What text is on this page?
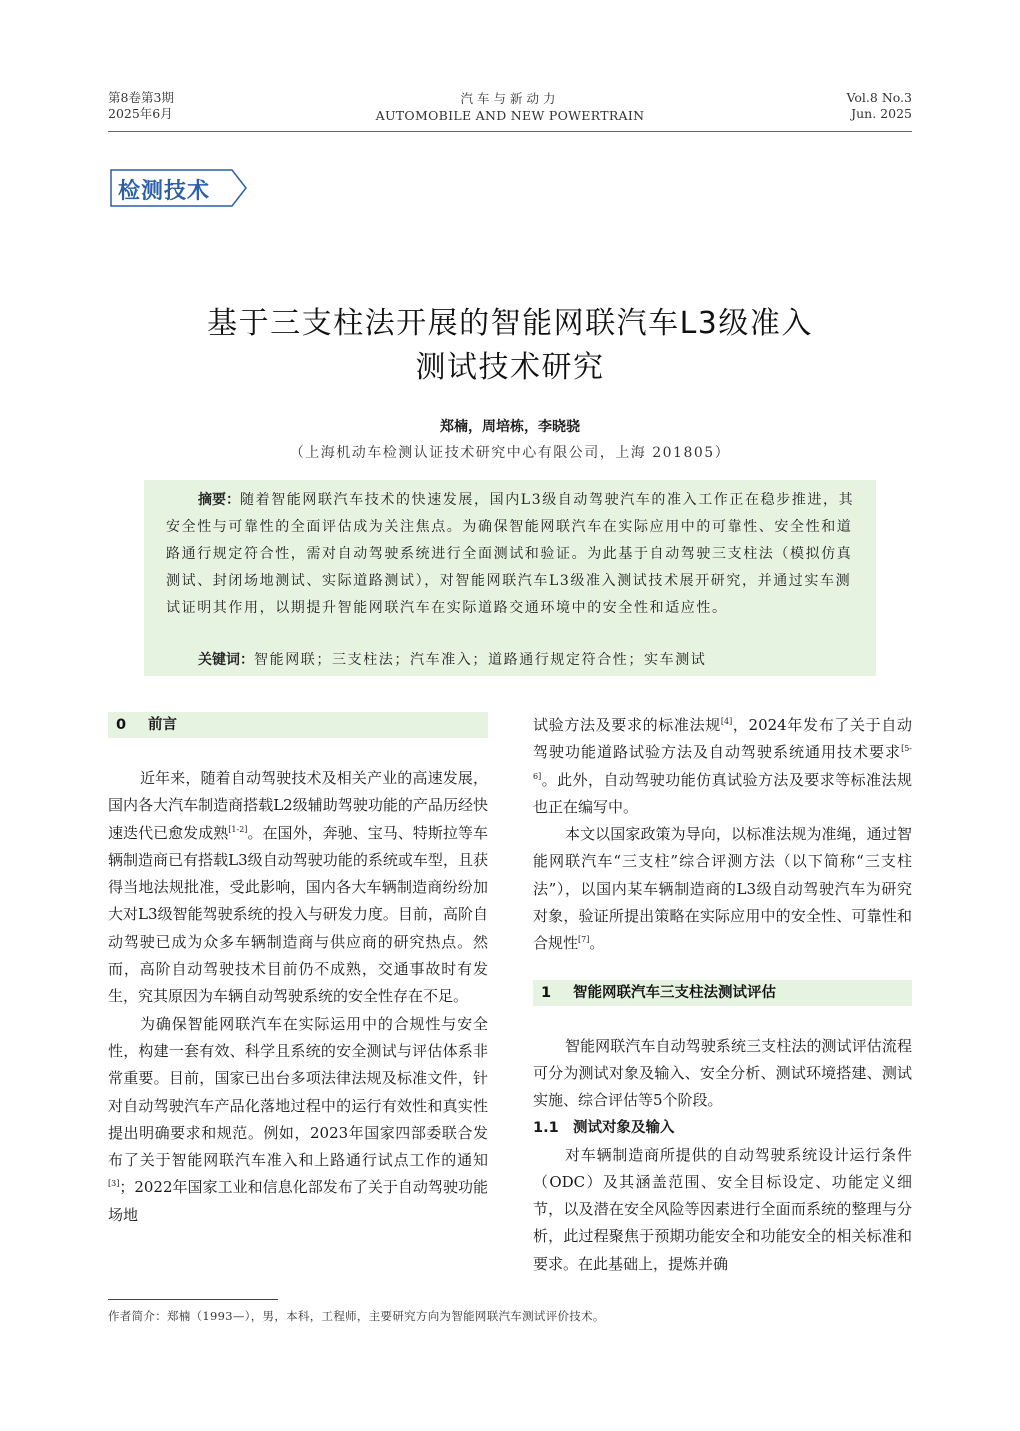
第8卷第3期
2025年6月
汽车与新动力
AUTOMOBILE AND NEW POWERTRAIN
Vol.8 No.3
Jun. 2025
检测技术
基于三支柱法开展的智能网联汽车L3级准入
测试技术研究
郑楠，周培栋，李晓骁
（上海机动车检测认证技术研究中心有限公司，上海 201805）
摘要：随着智能网联汽车技术的快速发展，国内L3级自动驾驶汽车的准入工作正在稳步推进，其安全性与可靠性的全面评估成为关注焦点。为确保智能网联汽车在实际应用中的可靠性、安全性和道路通行规定符合性，需对自动驾驶系统进行全面测试和验证。为此基于自动驾驶三支柱法（模拟仿真测试、封闭场地测试、实际道路测试），对智能网联汽车L3级准入测试技术展开研究，并通过实车测试证明其作用，以期提升智能网联汽车在实际道路交通环境中的安全性和适应性。
关键词：智能网联；三支柱法；汽车准入；道路通行规定符合性；实车测试
0 前言

近年来，随着自动驾驶技术及相关产业的高速发展，国内各大汽车制造商搭载L2级辅助驾驶功能的产品历经快速迭代已愈发成熟[1-2]。在国外，奔驰、宝马、特斯拉等车辆制造商已有搭载L3级自动驾驶功能的系统或车型，且获得当地法规批准，受此影响，国内各大车辆制造商纷纷加大对L3级智能驾驶系统的投入与研发力度。目前，高阶自动驾驶已成为众多车辆制造商与供应商的研究热点。然而，高阶自动驾驶技术目前仍不成熟，交通事故时有发生，究其原因为车辆自动驾驶系统的安全性存在不足。

为确保智能网联汽车在实际运用中的合规性与安全性，构建一套有效、科学且系统的安全测试与评估体系非常重要。目前，国家已出台多项法律法规及标准文件，针对自动驾驶汽车产品化落地过程中的运行有效性和真实性提出明确要求和规范。例如，2023年国家四部委联合发布了关于智能网联汽车准入和上路通行试点工作的通知[3]；2022年国家工业和信息化部发布了关于自动驾驶功能场地

试验方法及要求的标准法规[4]，2024年发布了关于自动驾驶功能道路试验方法及自动驾驶系统通用技术要求[5-6]。此外，自动驾驶功能仿真试验方法及要求等标准法规也正在编写中。

本文以国家政策为导向，以标准法规为准绳，通过智能网联汽车“三支柱”综合评测方法（以下简称“三支柱法”），以国内某车辆制造商的L3级自动驾驶汽车为研究对象，验证所提出策略在实际应用中的安全性、可靠性和合规性[7]。

1 智能网联汽车三支柱法测试评估

智能网联汽车自动驾驶系统三支柱法的测试评估流程可分为测试对象及输入、安全分析、测试环境搭建、测试实施、综合评估等5个阶段。

1.1 测试对象及输入

对车辆制造商所提供的自动驾驶系统设计运行条件（ODC）及其涵盖范围、安全目标设定、功能定义细节，以及潜在安全风险等因素进行全面而系统的整理与分析，此过程聚焦于预期功能安全和功能安全的相关标准和要求。在此基础上，提炼并确

作者简介：郑楠（1993—），男，本科，工程师，主要研究方向为智能网联汽车测试评价技术。
